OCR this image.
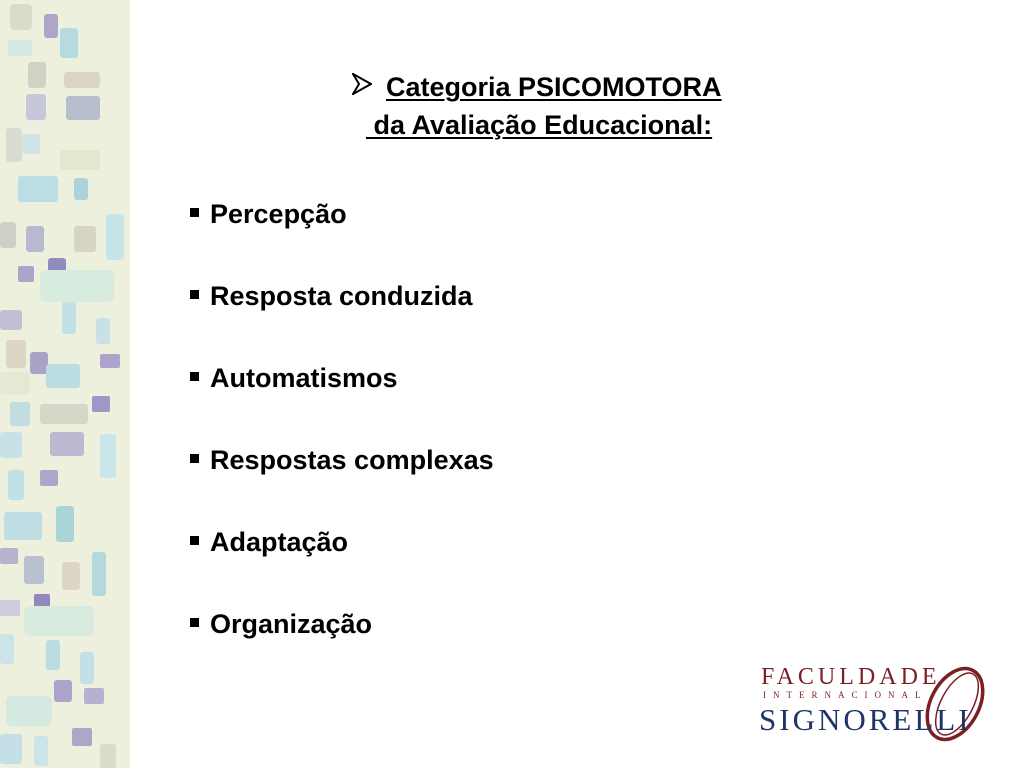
Categoria PSICOMOTORA
da Avaliação Educacional:
Percepção
Resposta conduzida
Automatismos
Respostas complexas
Adaptação
Organização
FACULDADE
INTERNACIONAL
SIGNORELLI
